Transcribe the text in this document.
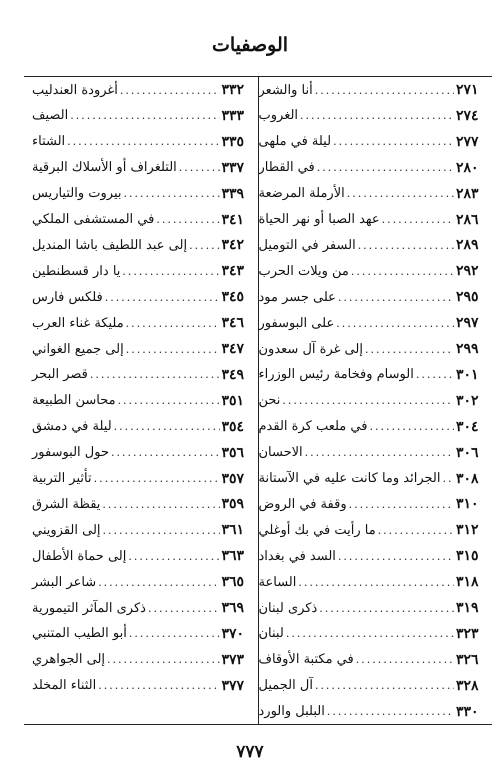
الوصفيات
أنا والشعر .....	٢٧١
الغروب .....	٢٧٤
ليلة في ملهى .....	٢٧٧
في القطار .....	٢٨٠
الأرملة المرضعة .....	٢٨٣
عهد الصبا أو نهر الحياة .....	٢٨٦
السفر في التوميل .....	٢٨٩
من ويلات الحرب .....	٢٩٢
على جسر مود .....	٢٩٥
على البوسفور .....	٢٩٧
إلى غرة آل سعدون .....	٢٩٩
الوسام وفخامة رئيس الوزراء .....	٣٠١
نحن .....	٣٠٢
في ملعب كرة القدم .....	٣٠٤
الاحسان .....	٣٠٦
الجرائد وما كانت عليه في الآستانة ..... ٣٠٨
وقفة في الروض .....	٣١٠
ما رأيت في بك أوغلي .....	٣١٢
السد في بغداد .....	٣١٥
الساعة .....	٣١٨
ذكرى لبنان .....	٣١٩
لبنان .....	٣٢٣
في مكتبة الأوقاف .....	٣٢٦
آل الجميل .....	٣٢٨
البلبل والورد .....	٣٣٠
أغرودة العندليب .....	٣٣٢
الصيف .....	٣٣٣
الشتاء .....	٣٣٥
التلغراف أو الأسلاك البرقية .....	٣٣٧
بيروت والتياريس .....	٣٣٩
في المستشفى الملكي .....	٣٤١
إلى عبد اللطيف باشا المنديل ..... ٣٤٢
يا دار قسطنطين .....	٣٤٣
فلكس فارس .....	٣٤٥
مليكة غناء العرب .....	٣٤٦
إلى جميع الغواني .....	٣٤٧
قصر البحر .....	٣٤٩
محاسن الطبيعة .....	٣٥١
ليلة في دمشق .....	٣٥٤
حول البوسفور .....	٣٥٦
تأثير التربية .....	٣٥٧
يقظة الشرق .....	٣٥٩
إلى القزويني .....	٣٦١
إلى حماة الأطفال .....	٣٦٣
شاعر البشر .....	٣٦٥
ذكرى المآثر التيمورية .....	٣٦٩
أبو الطيب المتنبي .....	٣٧٠
إلى الجواهري .....	٣٧٣
الثناء المخلد .....	٣٧٧
٧٧٧
